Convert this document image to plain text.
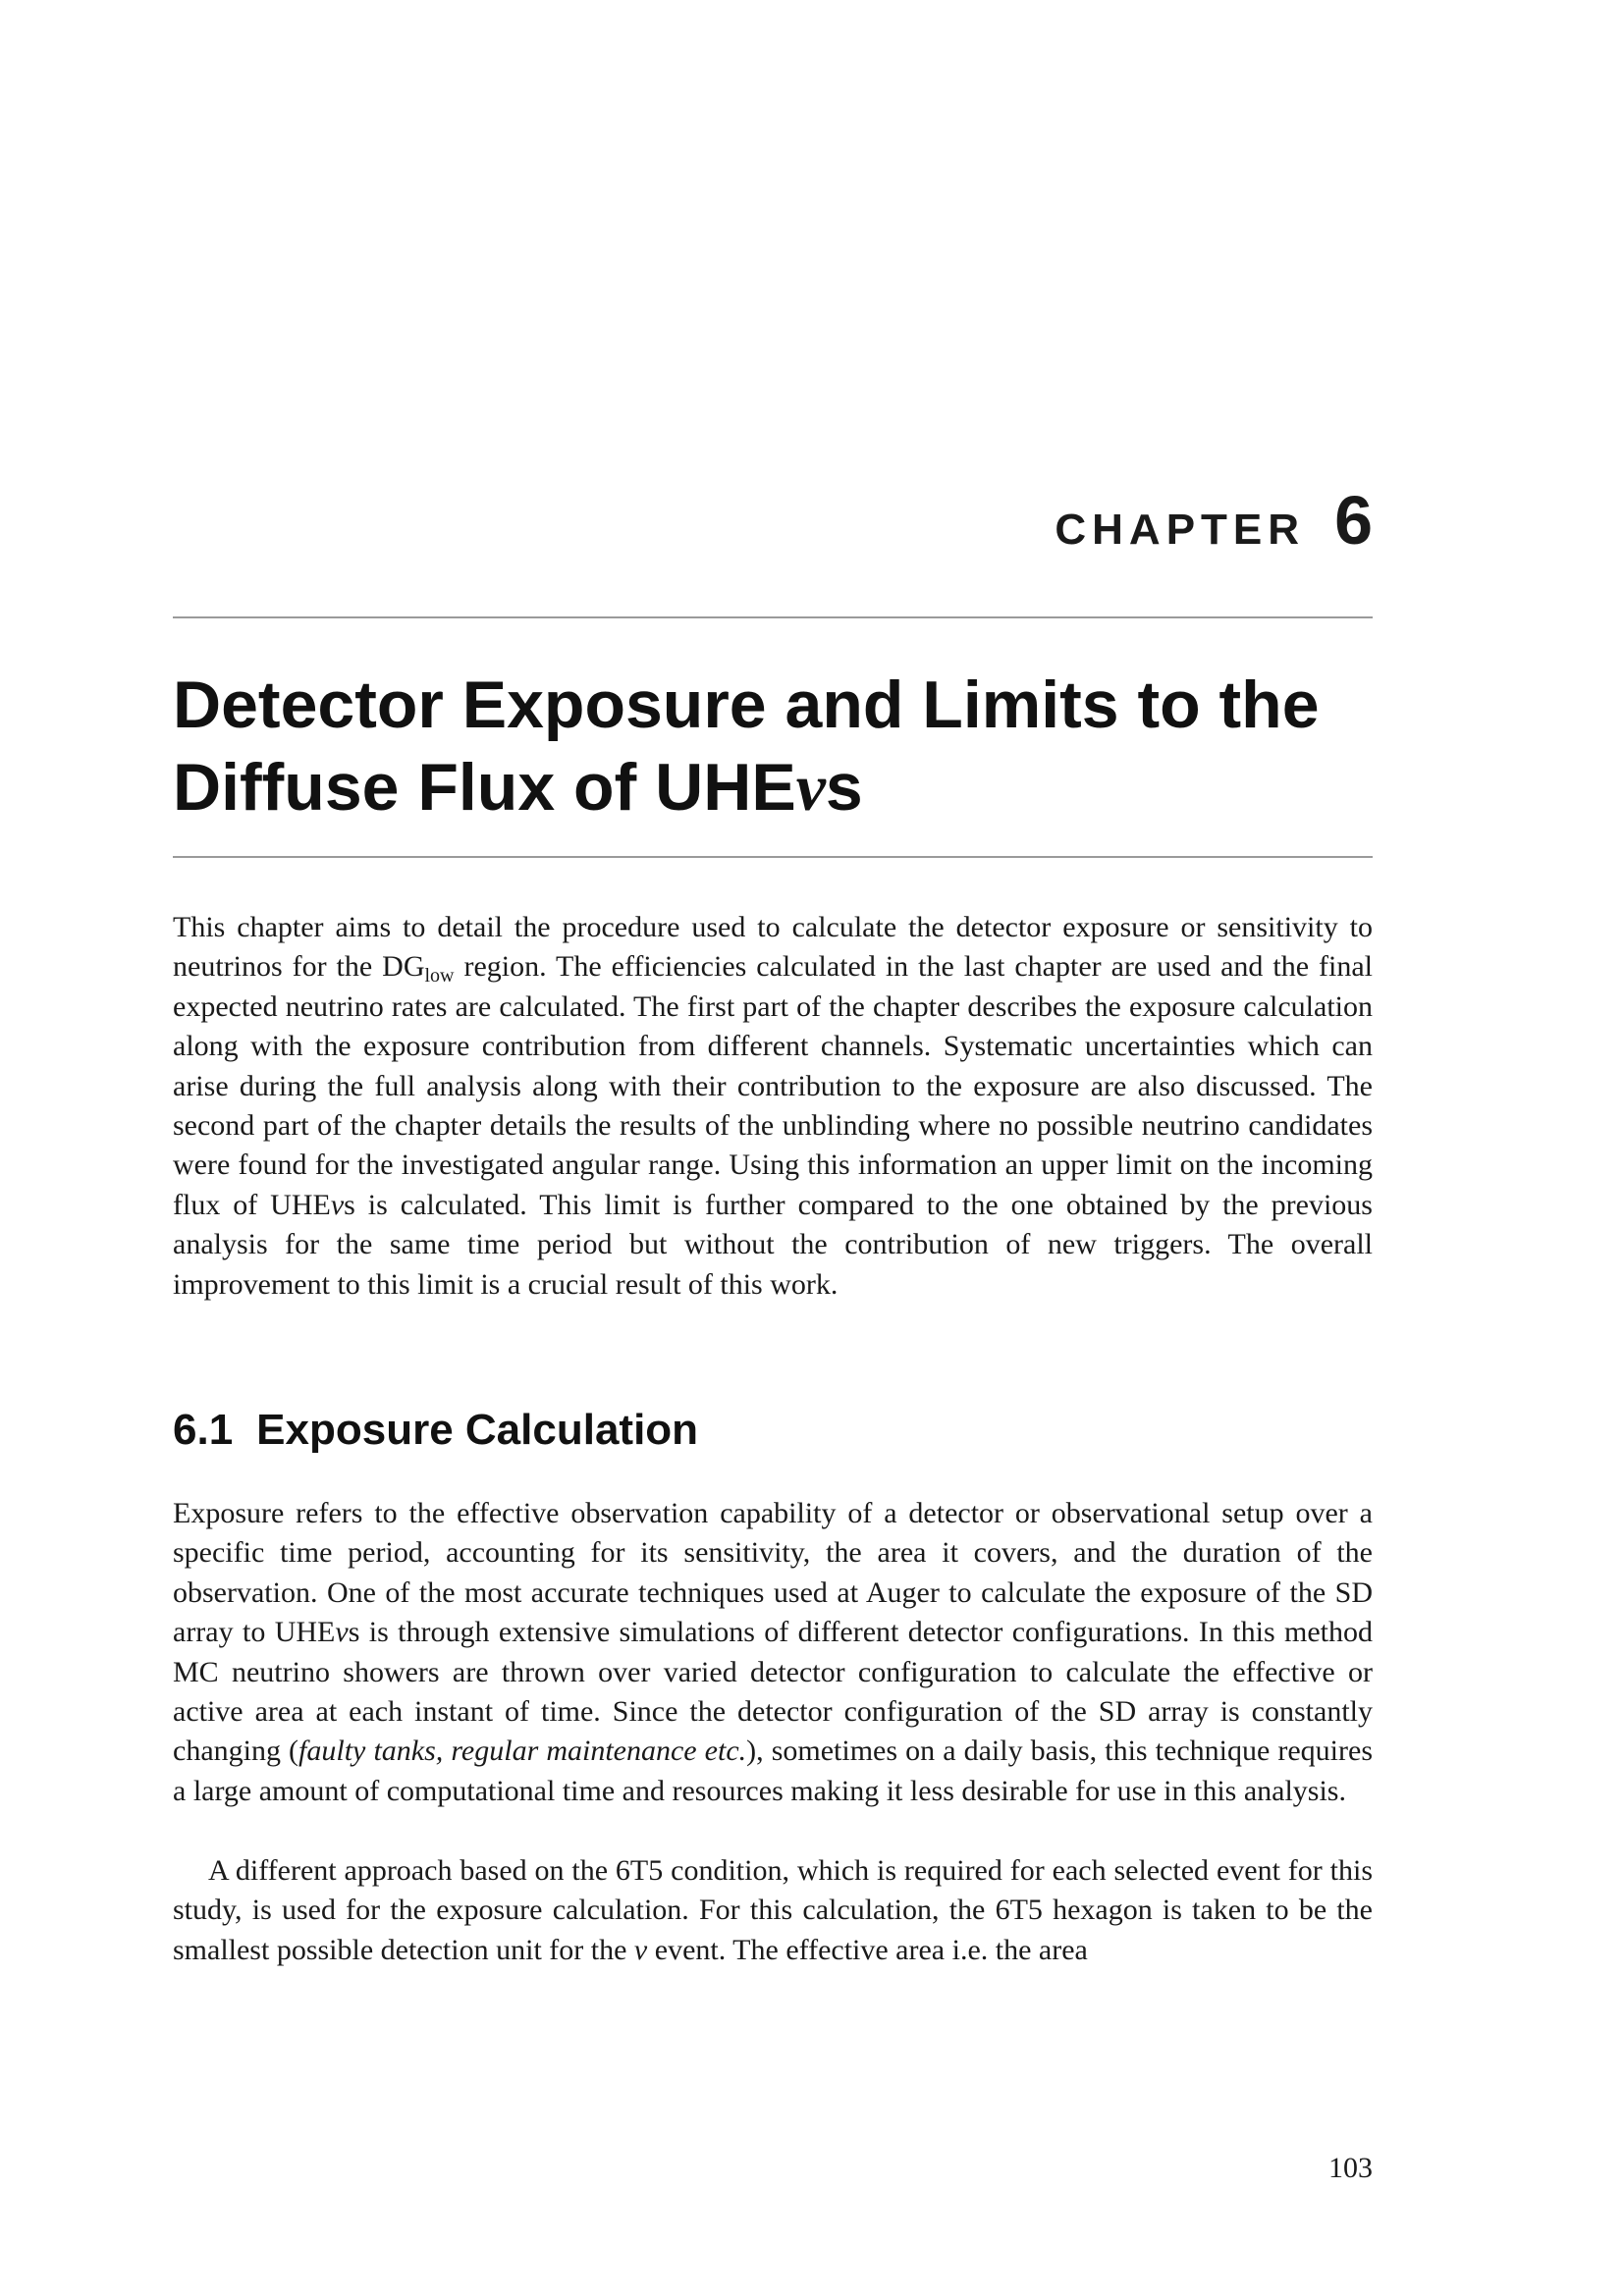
CHAPTER 6
Detector Exposure and Limits to the
Diffuse Flux of UHEνs

This chapter aims to detail the procedure used to calculate the detector exposure or sensitivity to neutrinos for the $DG_{low}$ region. The efficiencies calculated in the last chapter are used and the final expected neutrino rates are calculated. The first part of the chapter describes the exposure calculation along with the exposure contribution from different channels. Systematic uncertainties which can arise during the full analysis along with their contribution to the exposure are also discussed. The second part of the chapter details the results of the unblinding where no possible neutrino candidates were found for the investigated angular range. Using this information an upper limit on the incoming flux of UHEνs is calculated. This limit is further compared to the one obtained by the previous analysis for the same time period but without the contribution of new triggers. The overall improvement to this limit is a crucial result of this work.

6.1 Exposure Calculation

Exposure refers to the effective observation capability of a detector or observational setup over a specific time period, accounting for its sensitivity, the area it covers, and the duration of the observation. One of the most accurate techniques used at Auger to calculate the exposure of the SD array to UHEνs is through extensive simulations of different detector configurations. In this method MC neutrino showers are thrown over varied detector configuration to calculate the effective or active area at each instant of time. Since the detector configuration of the SD array is constantly changing (faulty tanks, regular maintenance etc.), sometimes on a daily basis, this technique requires a large amount of computational time and resources making it less desirable for use in this analysis.

A different approach based on the 6T5 condition, which is required for each selected event for this study, is used for the exposure calculation. For this calculation, the 6T5 hexagon is taken to be the smallest possible detection unit for the ν event. The effective area i.e. the area

103
